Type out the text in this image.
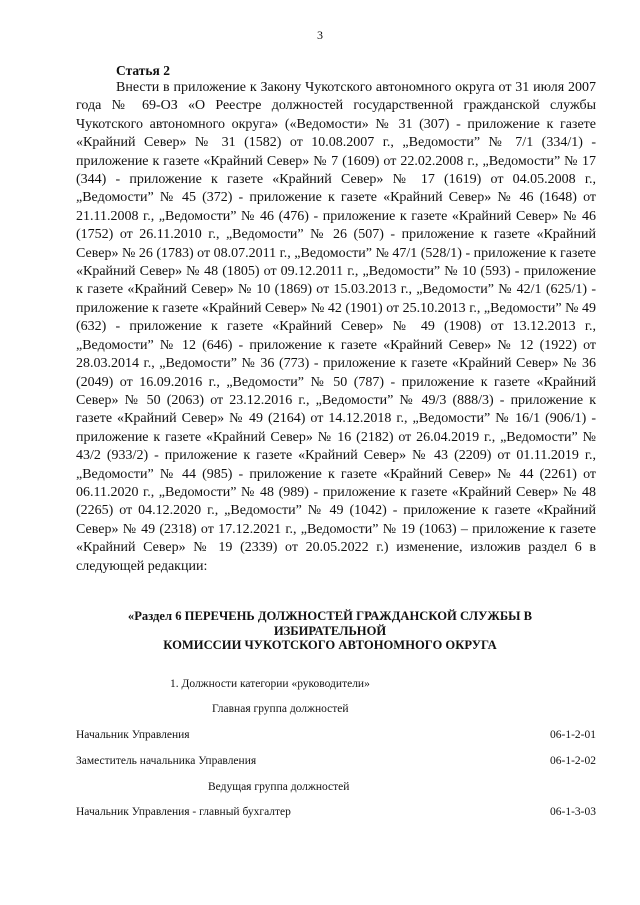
3
Статья 2

Внести в приложение к Закону Чукотского автономного округа от 31 июля 2007 года № 69-ОЗ «О Реестре должностей государственной гражданской службы Чукотского автономного округа» («Ведомости» № 31 (307) - приложение к газете «Крайний Север» № 31 (1582) от 10.08.2007 г., „Ведомости” № 7/1 (334/1) - приложение к газете «Крайний Север» № 7 (1609) от 22.02.2008 г., „Ведомости” № 17 (344) - приложение к газете «Крайний Север» № 17 (1619) от 04.05.2008 г., „Ведомости” № 45 (372) - приложение к газете «Крайний Север» № 46 (1648) от 21.11.2008 г., „Ведомости” № 46 (476) - приложение к газете «Крайний Север» № 46 (1752) от 26.11.2010 г., „Ведомости” № 26 (507) - приложение к газете «Крайний Север» № 26 (1783) от 08.07.2011 г., „Ведомости” № 47/1 (528/1) - приложение к газете «Крайний Север» № 48 (1805) от 09.12.2011 г., „Ведомости” № 10 (593) - приложение к газете «Крайний Север» № 10 (1869) от 15.03.2013 г., „Ведомости” № 42/1 (625/1) - приложение к газете «Крайний Север» № 42 (1901) от 25.10.2013 г., „Ведомости” № 49 (632) - приложение к газете «Крайний Север» № 49 (1908) от 13.12.2013 г., „Ведомости” № 12 (646) - приложение к газете «Крайний Север» № 12 (1922) от 28.03.2014 г., „Ведомости” № 36 (773) - приложение к газете «Крайний Север» № 36 (2049) от 16.09.2016 г., „Ведомости” № 50 (787) - приложение к газете «Крайний Север» № 50 (2063) от 23.12.2016 г., „Ведомости” № 49/3 (888/3) - приложение к газете «Крайний Север» № 49 (2164) от 14.12.2018 г., „Ведомости” № 16/1 (906/1) - приложение к газете «Крайний Север» № 16 (2182) от 26.04.2019 г., „Ведомости” № 43/2 (933/2) - приложение к газете «Крайний Север» № 43 (2209) от 01.11.2019 г., „Ведомости” № 44 (985) - приложение к газете «Крайний Север» № 44 (2261) от 06.11.2020 г., „Ведомости” № 48 (989) - приложение к газете «Крайний Север» № 48 (2265) от 04.12.2020 г., „Ведомости” № 49 (1042) - приложение к газете «Крайний Север» № 49 (2318) от 17.12.2021 г., „Ведомости” № 19 (1063) – приложение к газете «Крайний Север» № 19 (2339) от 20.05.2022 г.) изменение, изложив раздел 6 в следующей редакции:

«Раздел 6 ПЕРЕЧЕНЬ ДОЛЖНОСТЕЙ ГРАЖДАНСКОЙ СЛУЖБЫ В
ИЗБИРАТЕЛЬНОЙ
КОМИССИИ ЧУКОТСКОГО АВТОНОМНОГО ОКРУГА
1. Должности категории «руководители»
Главная группа должностей
Начальник Управления	06-1-2-01
Заместитель начальника Управления	06-1-2-02
Ведущая группа должностей
Начальник Управления - главный бухгалтер	06-1-3-03
